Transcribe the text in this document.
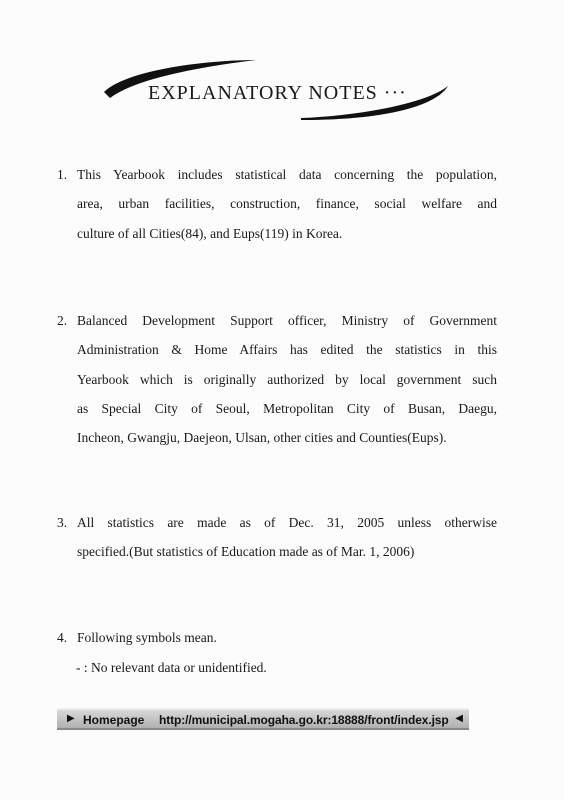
EXPLANATORY NOTES ···
1. This Yearbook includes statistical data concerning the population,
area, urban facilities, construction, finance, social welfare and
culture of all Cities(84), and Eups(119) in Korea.
2. Balanced Development Support officer, Ministry of Government
Administration & Home Affairs has edited the statistics in this
Yearbook which is originally authorized by local government such
as Special City of Seoul, Metropolitan City of Busan, Daegu,
Incheon, Gwangju, Daejeon, Ulsan, other cities and Counties(Eups).
3. All statistics are made as of Dec. 31, 2005 unless otherwise
specified.(But statistics of Education made as of Mar. 1, 2006)
4. Following symbols mean.
- : No relevant data or unidentified.
▶ Homepage http://municipal.mogaha.go.kr:18888/front/index.jsp ◀
